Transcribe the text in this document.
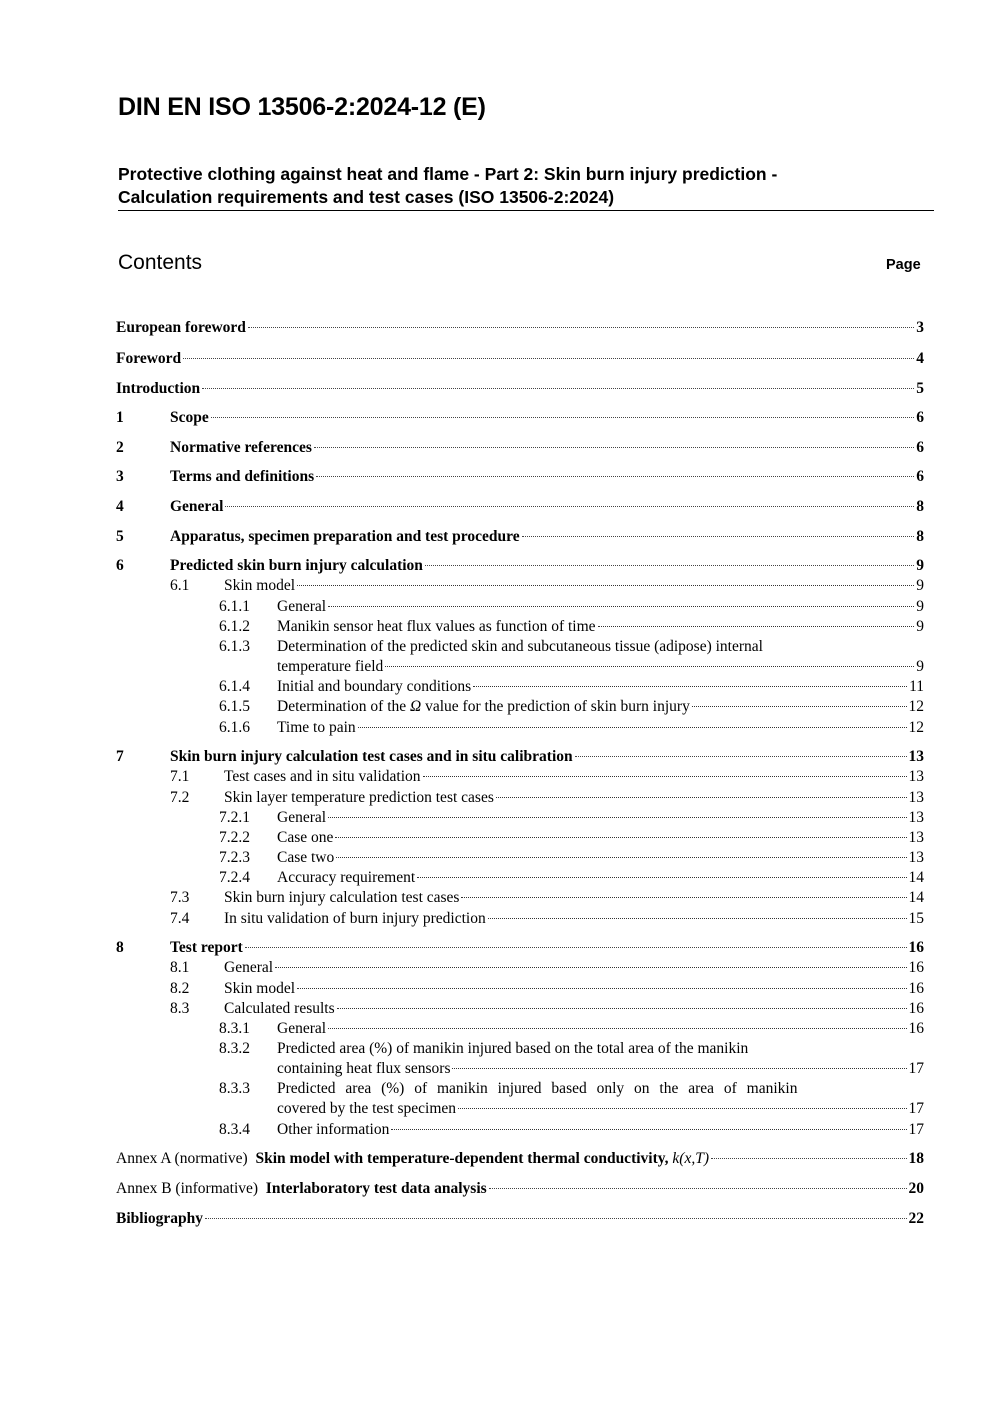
DIN EN ISO 13506-2:2024-12 (E)
Protective clothing against heat and flame - Part 2: Skin burn injury prediction -
Calculation requirements and test cases (ISO 13506-2:2024)
Contents	Page
European foreword	3
Foreword	4
Introduction	5
1	Scope	6
2	Normative references	6
3	Terms and definitions	6
4	General	8
5	Apparatus, specimen preparation and test procedure	8
6	Predicted skin burn injury calculation	9
6.1 Skin model	9
6.1.1 General	9
6.1.2 Manikin sensor heat flux values as function of time	9
6.1.3 Determination of the predicted skin and subcutaneous tissue (adipose) internal
temperature field	9
6.1.4 Initial and boundary conditions	11
6.1.5 Determination of the Ω value for the prediction of skin burn injury	12
6.1.6 Time to pain	12
7	Skin burn injury calculation test cases and in situ calibration	13
7.1 Test cases and in situ validation	13
7.2 Skin layer temperature prediction test cases	13
7.2.1 General	13
7.2.2 Case one	13
7.2.3 Case two	13
7.2.4 Accuracy requirement	14
7.3 Skin burn injury calculation test cases	14
7.4 In situ validation of burn injury prediction	15
8	Test report	16
8.1 General	16
8.2 Skin model	16
8.3 Calculated results	16
8.3.1 General	16
8.3.2 Predicted area (%) of manikin injured based on the total area of the manikin
containing heat flux sensors	17
8.3.3 Predicted area (%) of manikin injured based only on the area of manikin
covered by the test specimen	17
8.3.4 Other information	17
Annex A (normative)
Skin model with temperature-dependent thermal conductivity, k(x,T)	18
Annex B (informative)
Interlaboratory test data analysis	20
Bibliography	22
